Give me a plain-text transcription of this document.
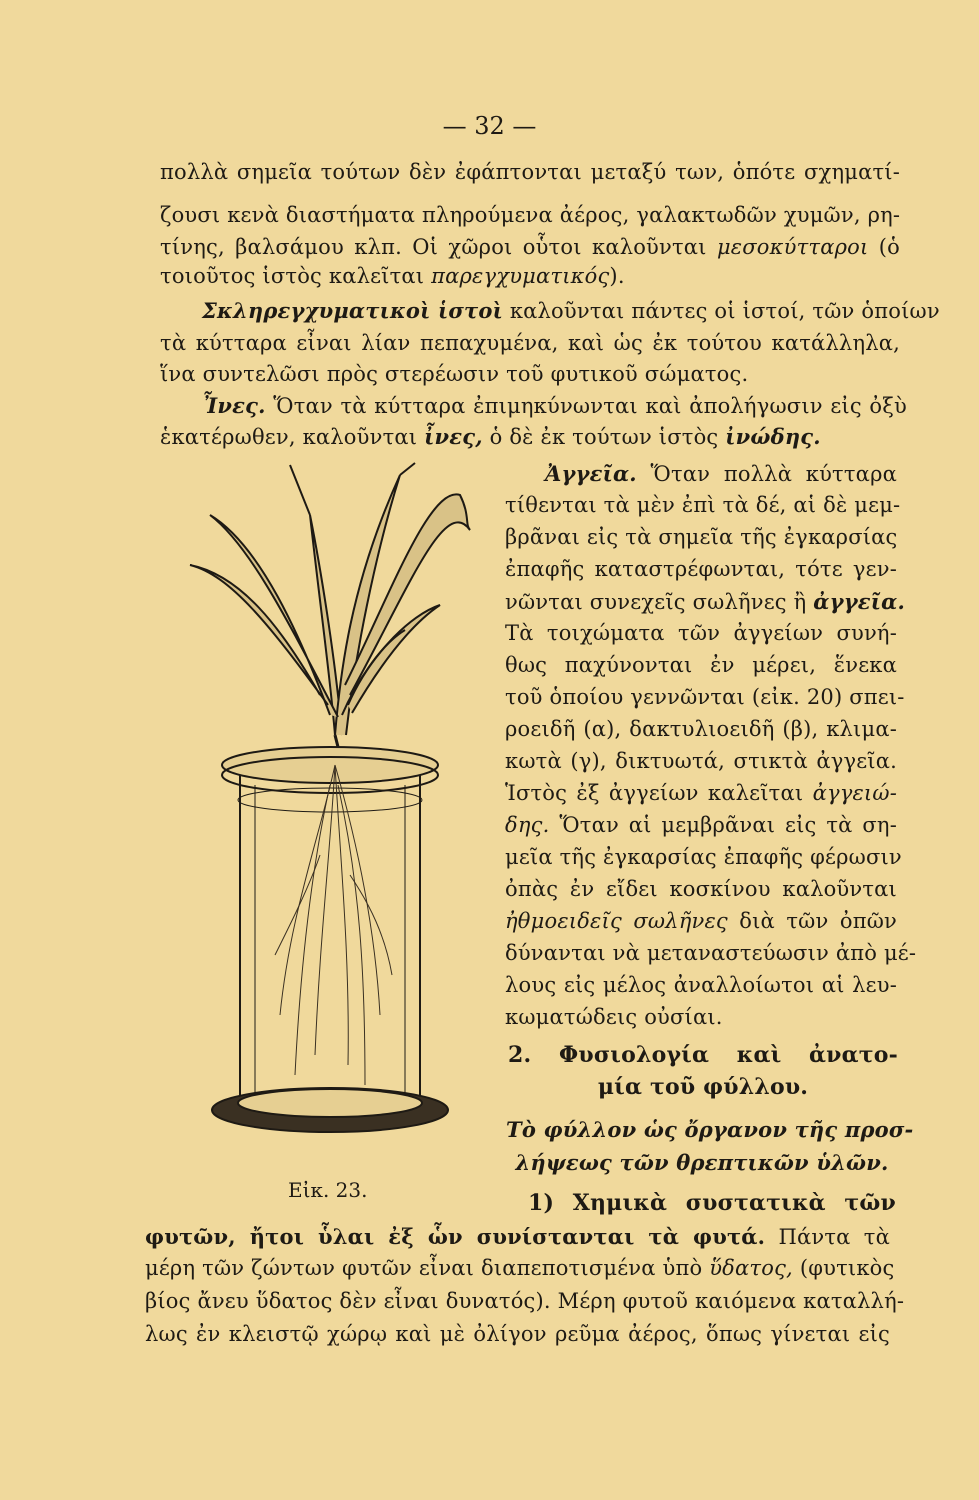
— 32 —
πολλὰ σημεῖα τούτων δὲν ἐφάπτονται μεταξύ των, ὁπότε σχηματί-
ζουσι κενὰ διαστήματα πληρούμενα ἀέρος, γαλακτωδῶν χυμῶν, ρη-
τίνης, βαλσάμου κλπ. Οἱ χῶροι οὗτοι καλοῦνται μεσοκύτταροι (ὁ
τοιοῦτος ἱστὸς καλεῖται παρεγχυματικός).
Σκληρεγχυματικοὶ ἱστοὶ καλοῦνται πάντες οἱ ἱστοί, τῶν ὁποίων
τὰ κύτταρα εἶναι λίαν πεπαχυμένα, καὶ ὡς ἐκ τούτου κατάλληλα,
ἵνα συντελῶσι πρὸς στερέωσιν τοῦ φυτικοῦ σώματος.
Ἶνες. Ὅταν τὰ κύτταρα ἐπιμηκύνωνται καὶ ἀπολήγωσιν εἰς ὀξὺ
ἑκατέρωθεν, καλοῦνται ἶνες, ὁ δὲ ἐκ τούτων ἱστὸς ἰνώδης.
Ἀγγεῖα. Ὅταν πολλὰ κύτταρα
τίθενται τὰ μὲν ἐπὶ τὰ δέ, αἱ δὲ μεμ-
βρᾶναι εἰς τὰ σημεῖα τῆς ἐγκαρσίας
ἐπαφῆς καταστρέφωνται, τότε γεν-
νῶνται συνεχεῖς σωλῆνες ἢ ἀγγεῖα.
Τὰ τοιχώματα τῶν ἀγγείων συνή-
θως παχύνονται ἐν μέρει, ἕνεκα
τοῦ ὁποίου γεννῶνται (εἰκ. 20) σπει-
ροειδῆ (α), δακτυλιοειδῆ (β), κλιμα-
κωτὰ (γ), δικτυωτά, στικτὰ ἀγγεῖα.
Ἱστὸς ἐξ ἀγγείων καλεῖται ἀγγειώ-
δης. Ὅταν αἱ μεμβρᾶναι εἰς τὰ ση-
μεῖα τῆς ἐγκαρσίας ἐπαφῆς φέρωσιν
ὀπὰς ἐν εἴδει κοσκίνου καλοῦνται
ἠθμοειδεῖς σωλῆνες διὰ τῶν ὀπῶν
δύνανται νὰ μεταναστεύωσιν ἀπὸ μέ-
λους εἰς μέλος ἀναλλοίωτοι αἱ λευ-
κωματώδεις οὐσίαι.
2. Φυσιολογία καὶ ἀνατο-
μία τοῦ φύλλου.
Τὸ φύλλον ὡς ὄργανον τῆς προσ-
λήψεως τῶν θρεπτικῶν ὑλῶν.
1) Χημικὰ συστατικὰ τῶν
φυτῶν, ἤτοι ὗλαι ἐξ ὧν συνίστανται τὰ φυτά. Πάντα τὰ
μέρη τῶν ζώντων φυτῶν εἶναι διαπεποτισμένα ὑπὸ ὕδατος, (φυτικὸς
βίος ἄνευ ὕδατος δὲν εἶναι δυνατός). Μέρη φυτοῦ καιόμενα καταλλή-
λως ἐν κλειστῷ χώρῳ καὶ μὲ ὀλίγον ρεῦμα ἀέρος, ὅπως γίνεται εἰς
Εἰκ. 23.
